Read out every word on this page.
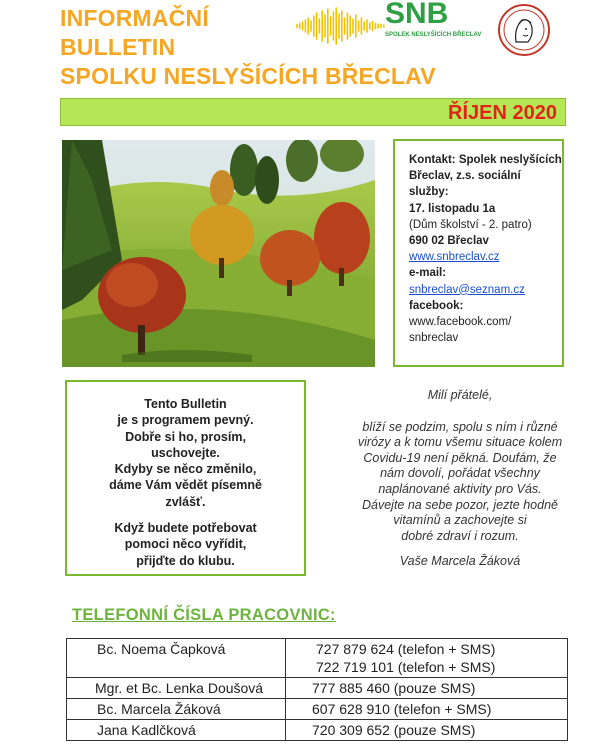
INFORMAČNÍ
BULLETIN
SPOLKU NESLYŠÍCÍCH BŘECLAV
SNB
SPOLEK NESLYŠÍCÍCH BŘECLAV
ŘÍJEN 2020
Kontakt: Spolek neslyšících Břeclav, z.s. sociální služby:
17. listopadu 1a
(Dům školství - 2. patro)
690 02 Břeclav
www.snbreclav.cz
e-mail:
snbreclav@seznam.cz
facebook:
www.facebook.com/
snbreclav

Tento Bulletin

je s programem pevný.

Dobře si ho, prosím,

uschovejte.

Kdyby se něco změnilo,

dáme Vám vědět písemně

zvlášť.

Když budete potřebovat

pomoci něco vyřídit,

přijďte do klubu.

Milí přátelé,

blíží se podzim, spolu s ním i různé

virózy a k tomu všemu situace kolem

Covidu-19 není pěkná. Doufám, že

nám dovolí, pořádat všechny

naplánované aktivity pro Vás.

Dávejte na sebe pozor, jezte hodně

vitamínů a zachovejte si

dobré zdraví i rozum.

Vaše Marcela Žáková

TELEFONNÍ ČÍSLA PRACOVNIC:
Bc. Noema Čapková	727 879 624 (telefon + SMS)
722 719 101 (telefon + SMS)

Mgr. et Bc. Lenka Doušová	777 885 460 (pouze SMS)
Bc. Marcela Žáková	607 628 910 (telefon + SMS)
Jana Kadlčková	720 309 652 (pouze SMS)
